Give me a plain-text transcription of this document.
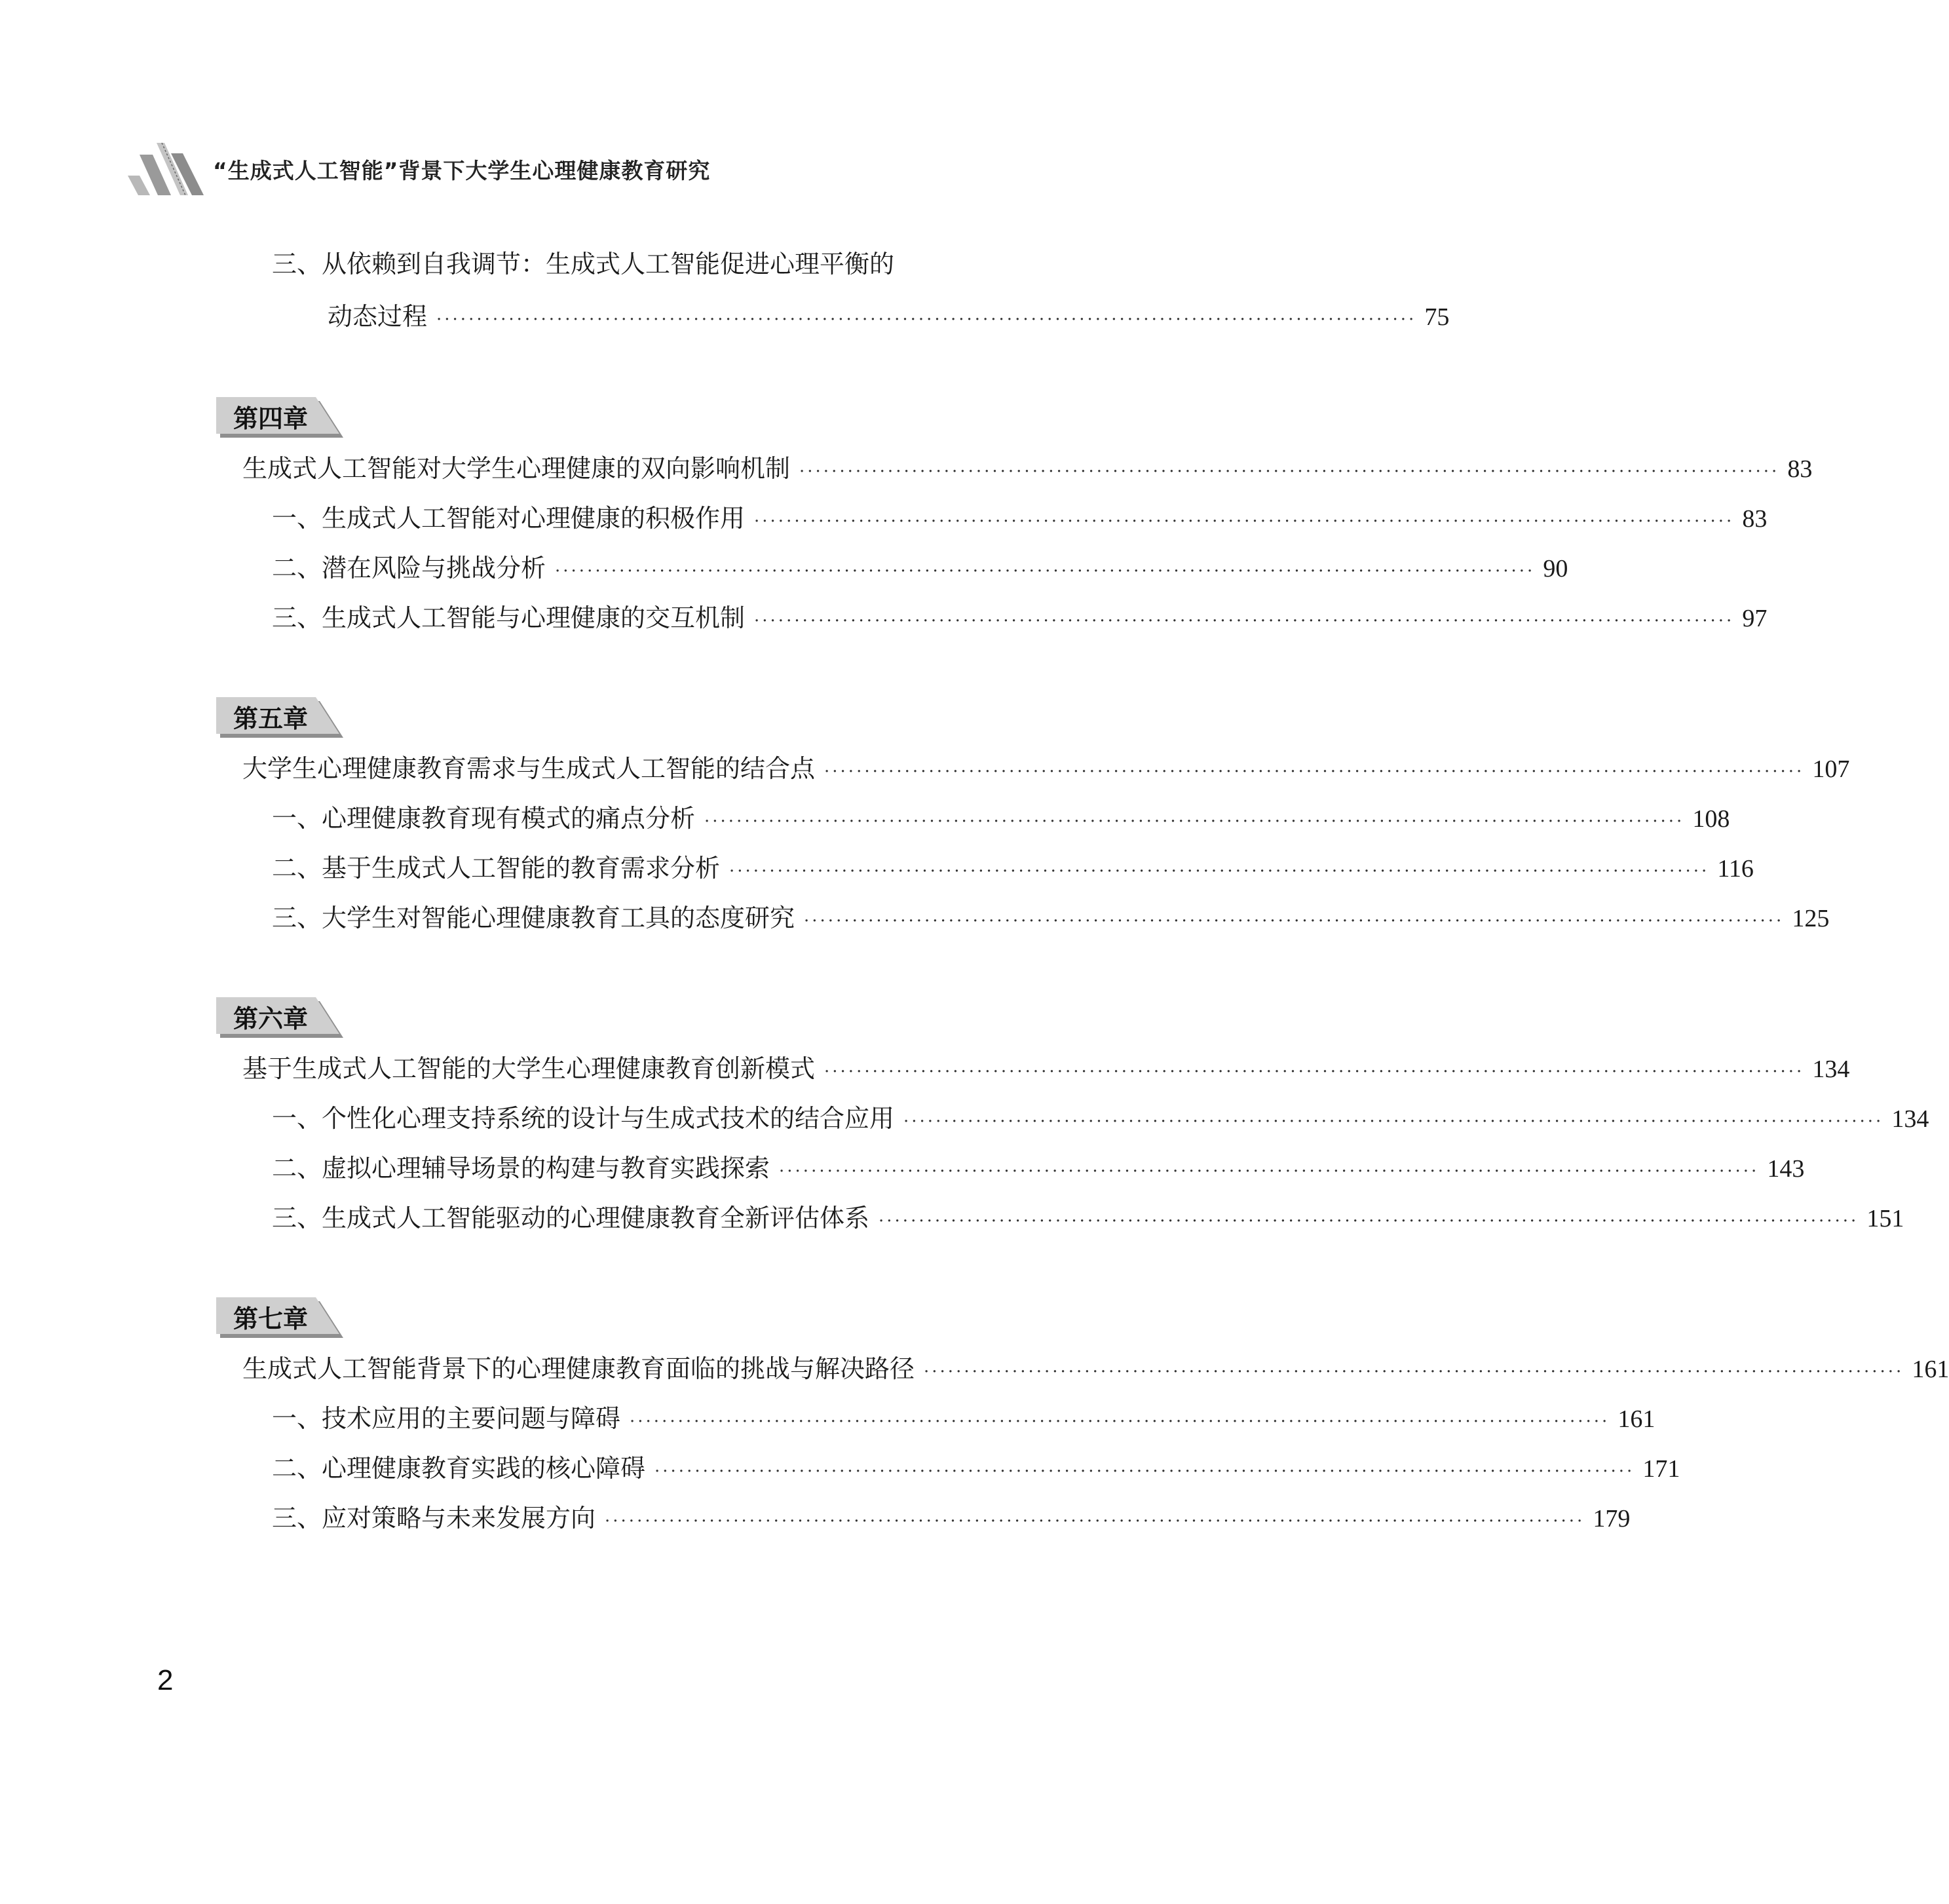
“生成式人工智能”背景下大学生心理健康教育研究
三、从依赖到自我调节：生成式人工智能促进心理平衡的
动态过程 ·························································································································· 75
第四章
生成式人工智能对大学生心理健康的双向影响机制 ·························································································································· 83
一、生成式人工智能对心理健康的积极作用 ·························································································································· 83
二、潜在风险与挑战分析 ·························································································································· 90
三、生成式人工智能与心理健康的交互机制 ·························································································································· 97
第五章
大学生心理健康教育需求与生成式人工智能的结合点 ·························································································································· 107
一、心理健康教育现有模式的痛点分析 ·························································································································· 108
二、基于生成式人工智能的教育需求分析 ·························································································································· 116
三、大学生对智能心理健康教育工具的态度研究 ·························································································································· 125
第六章
基于生成式人工智能的大学生心理健康教育创新模式 ·························································································································· 134
一、个性化心理支持系统的设计与生成式技术的结合应用 ·························································································································· 134
二、虚拟心理辅导场景的构建与教育实践探索 ·························································································································· 143
三、生成式人工智能驱动的心理健康教育全新评估体系 ·························································································································· 151
第七章
生成式人工智能背景下的心理健康教育面临的挑战与解决路径 ·························································································································· 161
一、技术应用的主要问题与障碍 ·························································································································· 161
二、心理健康教育实践的核心障碍 ·························································································································· 171
三、应对策略与未来发展方向 ·························································································································· 179
2
